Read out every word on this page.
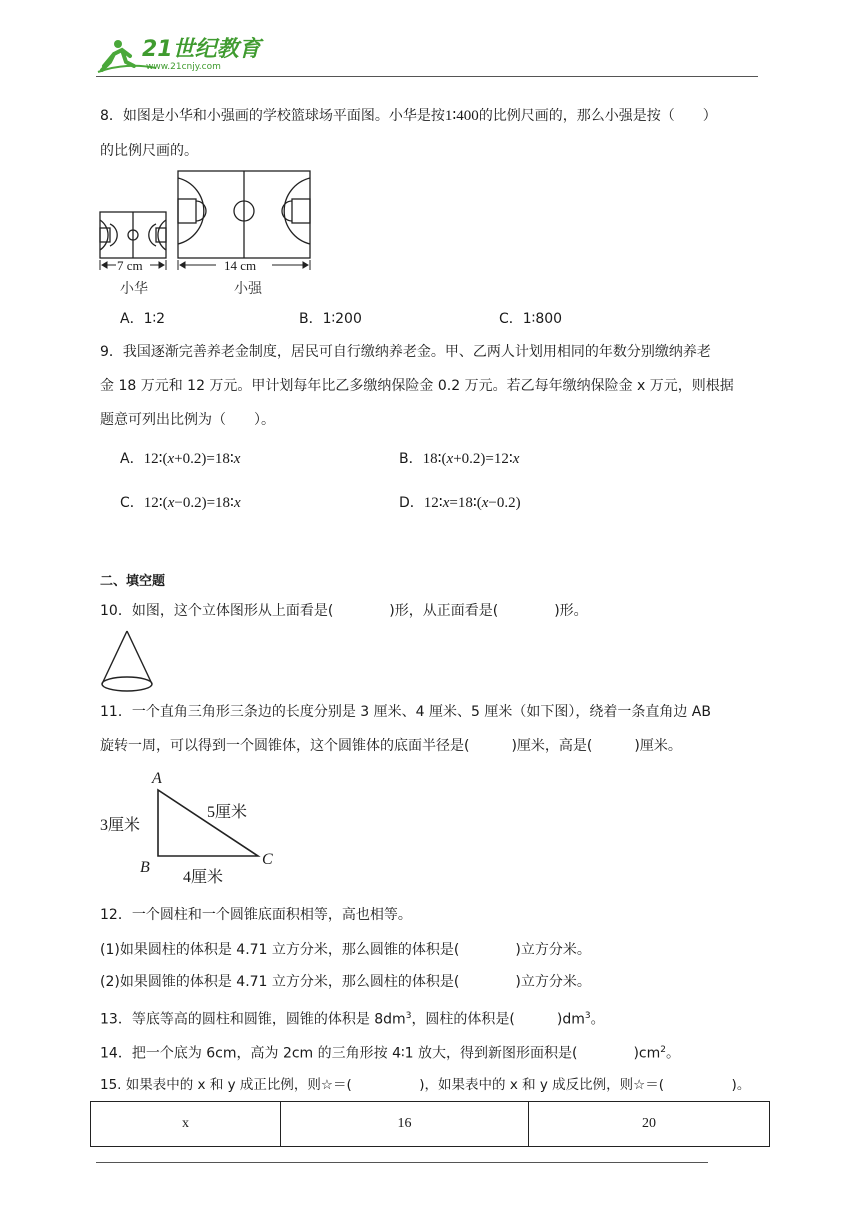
21世纪教育
www.21cnjy.com
8．如图是小华和小强画的学校篮球场平面图。小华是按1∶400的比例尺画的，那么小强是按（　　）
的比例尺画的。
7 cm	14 cm
小华	小强
A．1∶2	B．1∶200	C．1∶800
9．我国逐渐完善养老金制度，居民可自行缴纳养老金。甲、乙两人计划用相同的年数分别缴纳养老
金 18 万元和 12 万元。甲计划每年比乙多缴纳保险金 0.2 万元。若乙每年缴纳保险金 x 万元，则根据
题意可列出比例为（　　）。
A．12∶(x+0.2)=18∶x	B．18∶(x+0.2)=12∶x
C．12∶(x−0.2)=18∶x	D．12∶x=18∶(x−0.2)
二、填空题
10．如图，这个立体图形从上面看是(　　　　)形，从正面看是(　　　　)形。
11．一个直角三角形三条边的长度分别是 3 厘米、4 厘米、5 厘米（如下图），绕着一条直角边 AB
旋转一周，可以得到一个圆锥体，这个圆锥体的底面半径是(　　　)厘米，高是(　　　)厘米。
A
B	C
3厘米
5厘米
4厘米
12．一个圆柱和一个圆锥底面积相等，高也相等。
(1)如果圆柱的体积是 4.71 立方分米，那么圆锥的体积是(　　　　)立方分米。
(2)如果圆锥的体积是 4.71 立方分米，那么圆柱的体积是(　　　　)立方分米。
13．等底等高的圆柱和圆锥，圆锥的体积是 $8dm^3$，圆柱的体积是(　　　)$dm^3$。
14．把一个底为 6cm，高为 2cm 的三角形按 4∶1 放大，得到新图形面积是(　　　　)$cm^2$。
15. 如果表中的 x 和 y 成正比例，则☆＝(　　　　　)，如果表中的 x 和 y 成反比例，则☆＝(　　　　　)。
x	16	20
